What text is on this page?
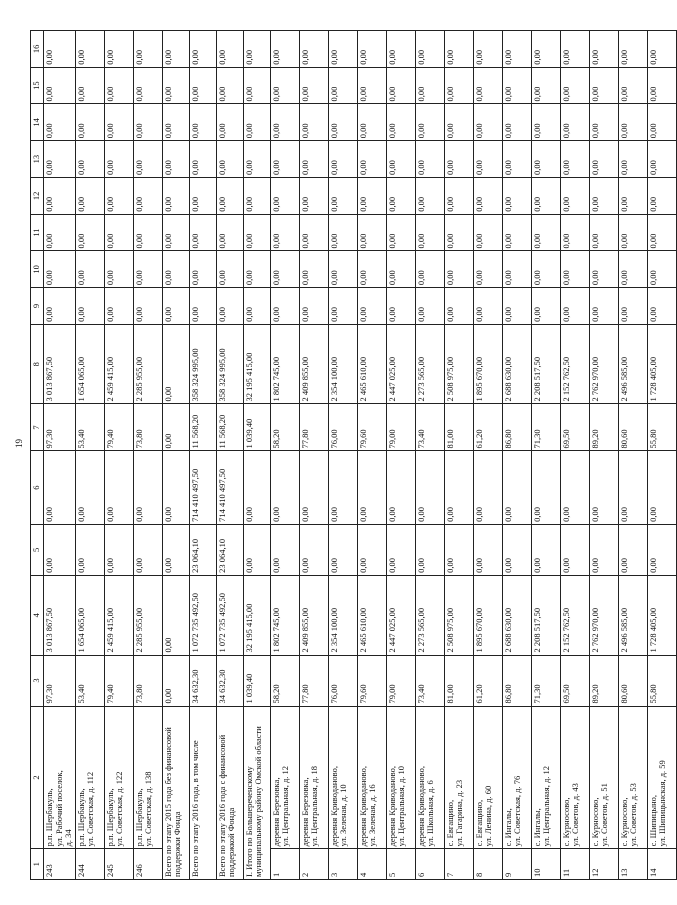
19
1	2	3	4	5	6	7	8	9	10	11	12	13	14	15	16
243	р.п. Шербакуль,
ул. Рабочий поселок,
д. 34	97,30	3 013 867,50	0,00	0,00	97,30	3 013 867,50	0,00	0,00	0,00	0,00	0,00	0,00	0,00	0,00
244	р.п. Шербакуль,
ул. Советская, д. 112	53,40	1 654 065,00	0,00	0,00	53,40	1 654 065,00	0,00	0,00	0,00	0,00	0,00	0,00	0,00	0,00
245	р.п. Шербакуль,
ул. Советская, д. 122	79,40	2 459 415,00	0,00	0,00	79,40	2 459 415,00	0,00	0,00	0,00	0,00	0,00	0,00	0,00	0,00
246	р.п. Шербакуль,
ул. Советская, д. 138	73,80	2 285 955,00	0,00	0,00	73,80	2 285 955,00	0,00	0,00	0,00	0,00	0,00	0,00	0,00	0,00
Всего по этапу 2015 года без финансовой поддержки Фонда		0,00	0,00	0,00	0,00	0,00	0,00	0,00	0,00	0,00	0,00	0,00	0,00	0,00	0,00
Всего по этапу 2016 года, в том числе		34 632,30	1 072 735 492,50	23 064,10	714 410 497,50	11 568,20	358 324 995,00	0,00	0,00	0,00	0,00	0,00	0,00	0,00	0,00
Всего по этапу 2016 года с финансовой поддержкой Фонда		34 632,30	1 072 735 492,50	23 064,10	714 410 497,50	11 568,20	358 324 995,00	0,00	0,00	0,00	0,00	0,00	0,00	0,00	0,00
I. Итого по Большереченскому муниципальному району Омской области		1 039,40	32 195 415,00	0,00	0,00	1 039,40	32 195 415,00	0,00	0,00	0,00	0,00	0,00	0,00	0,00	0,00
1	деревня Березовка,
ул. Центральная, д. 12	58,20	1 802 745,00	0,00	0,00	58,20	1 802 745,00	0,00	0,00	0,00	0,00	0,00	0,00	0,00	0,00
2	деревня Березовка,
ул. Центральная, д. 18	77,80	2 409 855,00	0,00	0,00	77,80	2 409 855,00	0,00	0,00	0,00	0,00	0,00	0,00	0,00	0,00
3	деревня Криводаново,
ул. Зеленая, д. 10	76,00	2 354 100,00	0,00	0,00	76,00	2 354 100,00	0,00	0,00	0,00	0,00	0,00	0,00	0,00	0,00
4	деревня Криводаново,
ул. Зеленая, д. 16	79,60	2 465 610,00	0,00	0,00	79,60	2 465 610,00	0,00	0,00	0,00	0,00	0,00	0,00	0,00	0,00
5	деревня Криводаново,
ул. Центральная, д. 10	79,00	2 447 025,00	0,00	0,00	79,00	2 447 025,00	0,00	0,00	0,00	0,00	0,00	0,00	0,00	0,00
6	деревня Криводаново,
ул. Школьная, д. 6	73,40	2 273 565,00	0,00	0,00	73,40	2 273 565,00	0,00	0,00	0,00	0,00	0,00	0,00	0,00	0,00
7	с. Евгащино,
ул. Гагарина, д. 23	81,00	2 508 975,00	0,00	0,00	81,00	2 508 975,00	0,00	0,00	0,00	0,00	0,00	0,00	0,00	0,00
8	с. Евгащино,
ул. Ленина, д. 60	61,20	1 895 670,00	0,00	0,00	61,20	1 895 670,00	0,00	0,00	0,00	0,00	0,00	0,00	0,00	0,00
9	с. Ингалы,
ул. Советская, д. 76	86,80	2 688 630,00	0,00	0,00	86,80	2 688 630,00	0,00	0,00	0,00	0,00	0,00	0,00	0,00	0,00
10	с. Ингалы,
ул. Центральная, д. 12	71,30	2 208 517,50	0,00	0,00	71,30	2 208 517,50	0,00	0,00	0,00	0,00	0,00	0,00	0,00	0,00
11	с. Курносово,
ул. Советов, д. 43	69,50	2 152 762,50	0,00	0,00	69,50	2 152 762,50	0,00	0,00	0,00	0,00	0,00	0,00	0,00	0,00
12	с. Курносово,
ул. Советов, д. 51	89,20	2 762 970,00	0,00	0,00	89,20	2 762 970,00	0,00	0,00	0,00	0,00	0,00	0,00	0,00	0,00
13	с. Курносово,
ул. Советов, д. 53	80,60	2 496 585,00	0,00	0,00	80,60	2 496 585,00	0,00	0,00	0,00	0,00	0,00	0,00	0,00	0,00
14	с. Шипицыно,
ул. Шипицынская, д. 59	55,80	1 728 405,00	0,00	0,00	55,80	1 728 405,00	0,00	0,00	0,00	0,00	0,00	0,00	0,00	0,00
